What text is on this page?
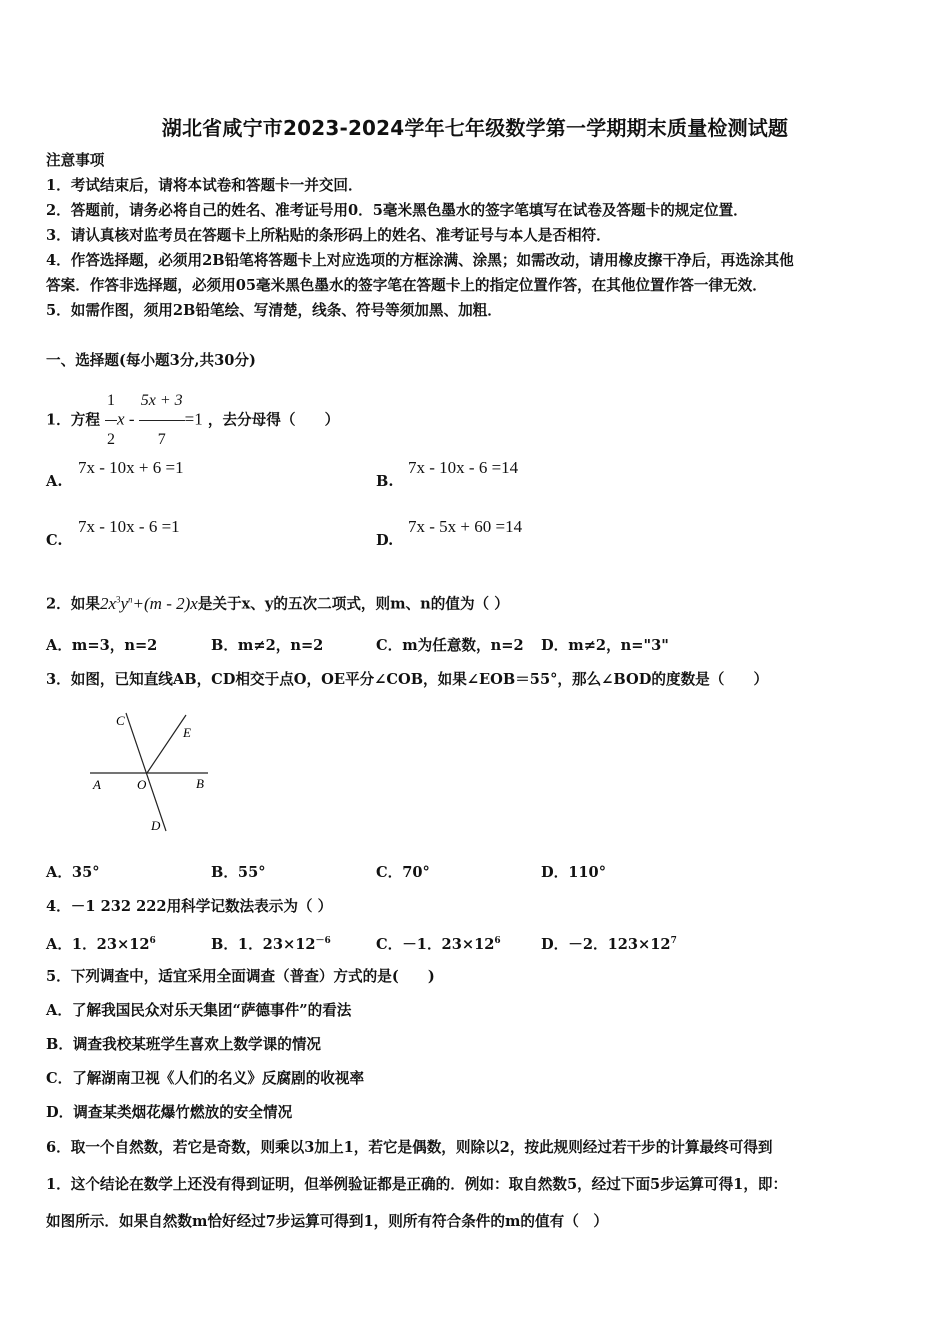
湖北省咸宁市2023-2024学年七年级数学第一学期期末质量检测试题
注意事项
1．考试结束后，请将本试卷和答题卡一并交回．
2．答题前，请务必将自己的姓名、准考证号用0．5毫米黑色墨水的签字笔填写在试卷及答题卡的规定位置．
3．请认真核对监考员在答题卡上所粘贴的条形码上的姓名、准考证号与本人是否相符．
4．作答选择题，必须用2B铅笔将答题卡上对应选项的方框涂满、涂黑；如需改动，请用橡皮擦干净后，再选涂其他
答案．作答非选择题，必须用05毫米黑色墨水的签字笔在答题卡上的指定位置作答，在其他位置作答一律无效．
5．如需作图，须用2B铅笔绘、写清楚，线条、符号等须加黑、加粗．
一、选择题(每小题3分,共30分)
1．方程 $\frac{1}{2}$ $x - \frac{5x + 3}{7} =1$ ，去分母得（　　）
A.
7x - 10x + 6 =1
B.
7x - 10x - 6 =14
C.
7x - 10x - 6 =1
D.
7x - 5x + 60 =14
2．如果$2x^3y^n+(m - 2)x$是关于x、y的五次二项式，则m、n的值为（ ）
A．m=3，n=2	B．m≠2，n=2	C．m为任意数，n=2 D．m≠2，n="3"
3．如图，已知直线AB，CD相交于点O，OE平分∠COB，如果∠EOB＝55°，那么∠BOD的度数是（　　）
C
E
A	O	B
D
A．35°	B．55°	C．70°	D．110°
4．－1 232 222用科学记数法表示为（ ）
A．1．$23\times 12^6$	B．1．$23\times 12^{-6}$	C．－1．$23\times 12^6$	D．－2．$123\times 12^7$
5．下列调查中，适宜采用全面调查（普查）方式的是(　　)
A．了解我国民众对乐天集团“萨德事件”的看法
B．调查我校某班学生喜欢上数学课的情况
C．了解湖南卫视《人们的名义》反腐剧的收视率
D．调查某类烟花爆竹燃放的安全情况
6．取一个自然数，若它是奇数，则乘以3加上1，若它是偶数，则除以2，按此规则经过若干步的计算最终可得到
1．这个结论在数学上还没有得到证明，但举例验证都是正确的．例如：取自然数5，经过下面5步运算可得1，即：
如图所示．如果自然数m恰好经过7步运算可得到1，则所有符合条件的m的值有（　）
